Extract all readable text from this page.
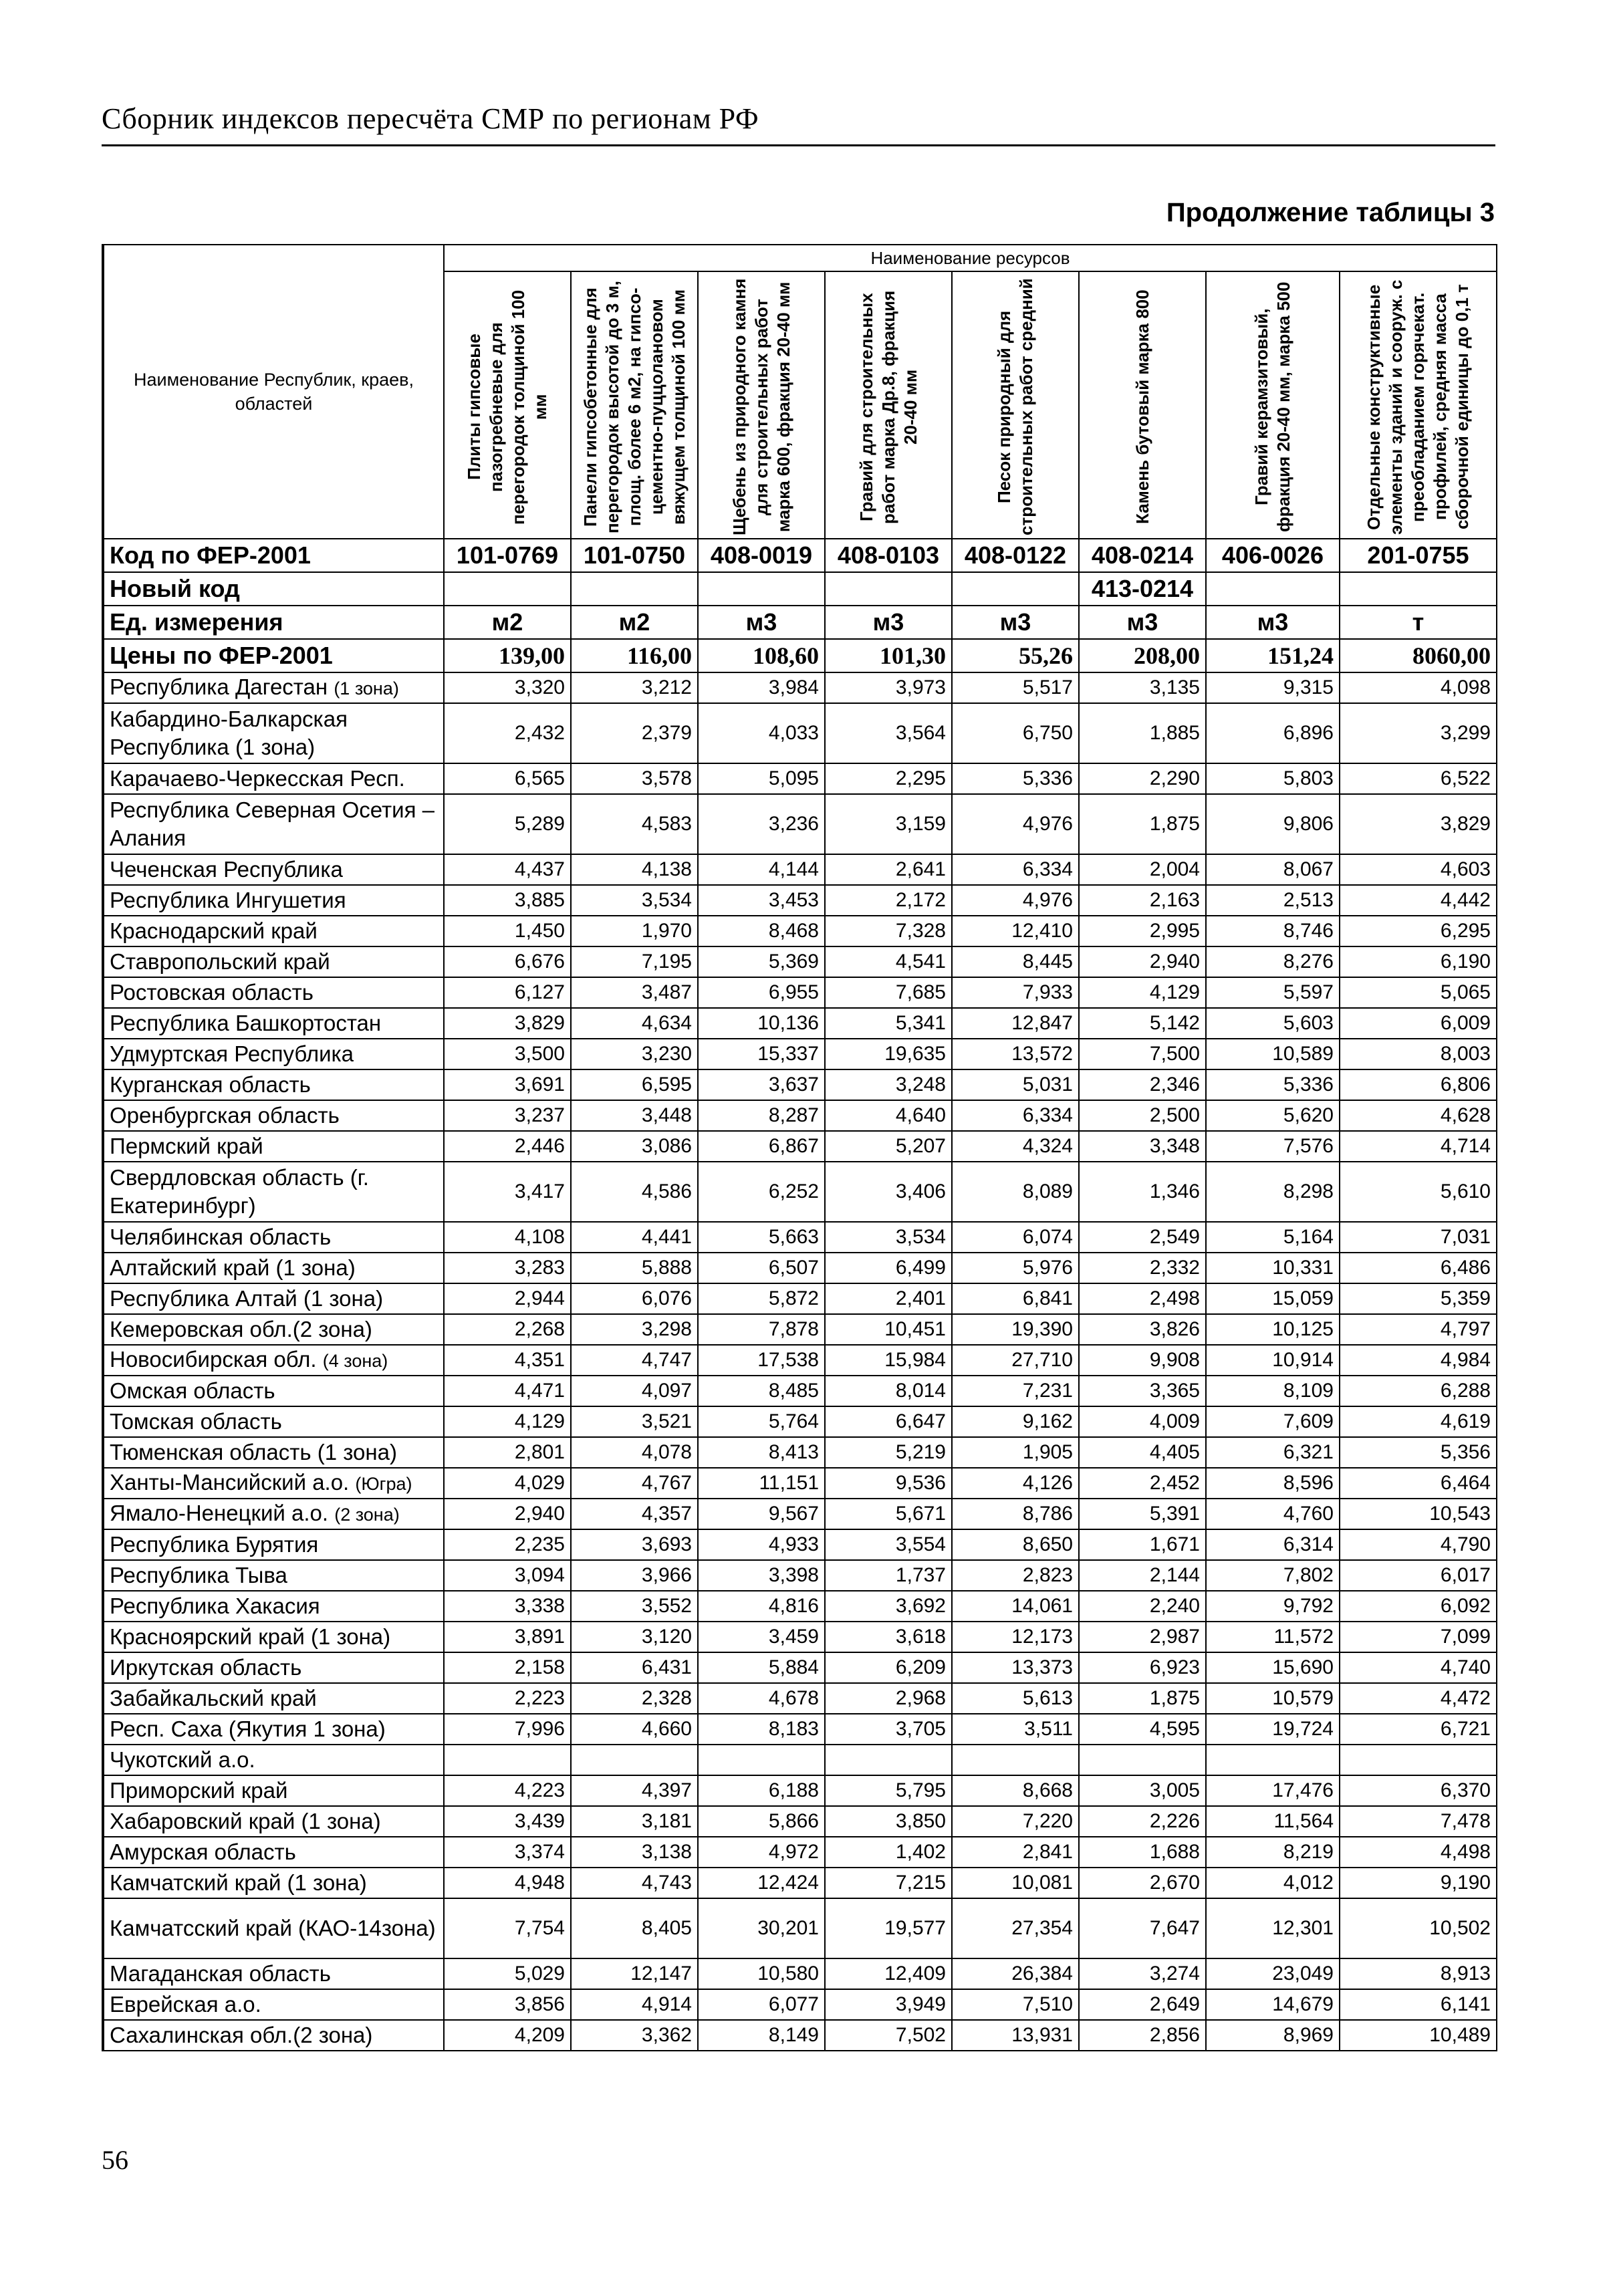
Сборник индексов пересчёта СМР по регионам РФ
Продолжение таблицы 3
Наименование Республик, краев, областей	Наименование ресурсов							

	Плиты гипсовые пазогребневые для перегородок толщиной 100 мм	Панели гипсобетонные для перегородок высотой до 3 м, площ. более 6 м2, на гипсо-цементно-пуццолановом вяжущем толщиной 100 мм	Щебень из природного камня для строительных работ марка 600, фракция 20-40 мм	Гравий для строительных работ марка Др.8, фракция 20-40 мм	Песок природный для строительных работ средний	Камень бутовый марка 800	Гравий керамзитовый, фракция 20-40 мм, марка 500	Отдельные конструктивные элементы зданий и сооруж. с преобладанием горячекат. профилей, средняя масса сборочной единицы до 0,1 т

Код по ФЕР-2001	101-0769	101-0750	408-0019	408-0103	408-0122	408-0214	406-0026	201-0755
Новый код						413-0214		
Ед. измерения	м2	м2	м3	м3	м3	м3	м3	т
Цены по ФЕР-2001	139,00	116,00	108,60	101,30	55,26	208,00	151,24	8060,00
Республика Дагестан (1 зона)	3,320	3,212	3,984	3,973	5,517	3,135	9,315	4,098
Кабардино-Балкарская Республика (1 зона)	2,432	2,379	4,033	3,564	6,750	1,885	6,896	3,299
Карачаево-Черкесская Респ.	6,565	3,578	5,095	2,295	5,336	2,290	5,803	6,522
Республика Северная Осетия – Алания	5,289	4,583	3,236	3,159	4,976	1,875	9,806	3,829
Чеченская Республика	4,437	4,138	4,144	2,641	6,334	2,004	8,067	4,603
Республика Ингушетия	3,885	3,534	3,453	2,172	4,976	2,163	2,513	4,442
Краснодарский край	1,450	1,970	8,468	7,328	12,410	2,995	8,746	6,295
Ставропольский край	6,676	7,195	5,369	4,541	8,445	2,940	8,276	6,190
Ростовская область	6,127	3,487	6,955	7,685	7,933	4,129	5,597	5,065
Республика Башкортостан	3,829	4,634	10,136	5,341	12,847	5,142	5,603	6,009
Удмуртская Республика	3,500	3,230	15,337	19,635	13,572	7,500	10,589	8,003
Курганская область	3,691	6,595	3,637	3,248	5,031	2,346	5,336	6,806
Оренбургская область	3,237	3,448	8,287	4,640	6,334	2,500	5,620	4,628
Пермский край	2,446	3,086	6,867	5,207	4,324	3,348	7,576	4,714
Свердловская область (г. Екатеринбург)	3,417	4,586	6,252	3,406	8,089	1,346	8,298	5,610
Челябинская область	4,108	4,441	5,663	3,534	6,074	2,549	5,164	7,031
Алтайский край (1 зона)	3,283	5,888	6,507	6,499	5,976	2,332	10,331	6,486
Республика Алтай (1 зона)	2,944	6,076	5,872	2,401	6,841	2,498	15,059	5,359
Кемеровская обл.(2 зона)	2,268	3,298	7,878	10,451	19,390	3,826	10,125	4,797
Новосибирская обл. (4 зона)	4,351	4,747	17,538	15,984	27,710	9,908	10,914	4,984
Омская область	4,471	4,097	8,485	8,014	7,231	3,365	8,109	6,288
Томская область	4,129	3,521	5,764	6,647	9,162	4,009	7,609	4,619
Тюменская область (1 зона)	2,801	4,078	8,413	5,219	1,905	4,405	6,321	5,356
Ханты-Мансийский а.о. (Югра)	4,029	4,767	11,151	9,536	4,126	2,452	8,596	6,464
Ямало-Ненецкий а.о. (2 зона)	2,940	4,357	9,567	5,671	8,786	5,391	4,760	10,543
Республика Бурятия	2,235	3,693	4,933	3,554	8,650	1,671	6,314	4,790
Республика Тыва	3,094	3,966	3,398	1,737	2,823	2,144	7,802	6,017
Республика Хакасия	3,338	3,552	4,816	3,692	14,061	2,240	9,792	6,092
Красноярский край (1 зона)	3,891	3,120	3,459	3,618	12,173	2,987	11,572	7,099
Иркутская область	2,158	6,431	5,884	6,209	13,373	6,923	15,690	4,740
Забайкальский край	2,223	2,328	4,678	2,968	5,613	1,875	10,579	4,472
Респ. Саха (Якутия 1 зона)	7,996	4,660	8,183	3,705	3,511	4,595	19,724	6,721
Чукотский а.о.								
Приморский край	4,223	4,397	6,188	5,795	8,668	3,005	17,476	6,370
Хабаровский край (1 зона)	3,439	3,181	5,866	3,850	7,220	2,226	11,564	7,478
Амурская область	3,374	3,138	4,972	1,402	2,841	1,688	8,219	4,498
Камчатский край (1 зона)	4,948	4,743	12,424	7,215	10,081	2,670	4,012	9,190
Камчатсский край (КАО-14зона)	7,754	8,405	30,201	19,577	27,354	7,647	12,301	10,502
Магаданская область	5,029	12,147	10,580	12,409	26,384	3,274	23,049	8,913
Еврейская а.о.	3,856	4,914	6,077	3,949	7,510	2,649	14,679	6,141
Сахалинская обл.(2 зона)	4,209	3,362	8,149	7,502	13,931	2,856	8,969	10,489
56
